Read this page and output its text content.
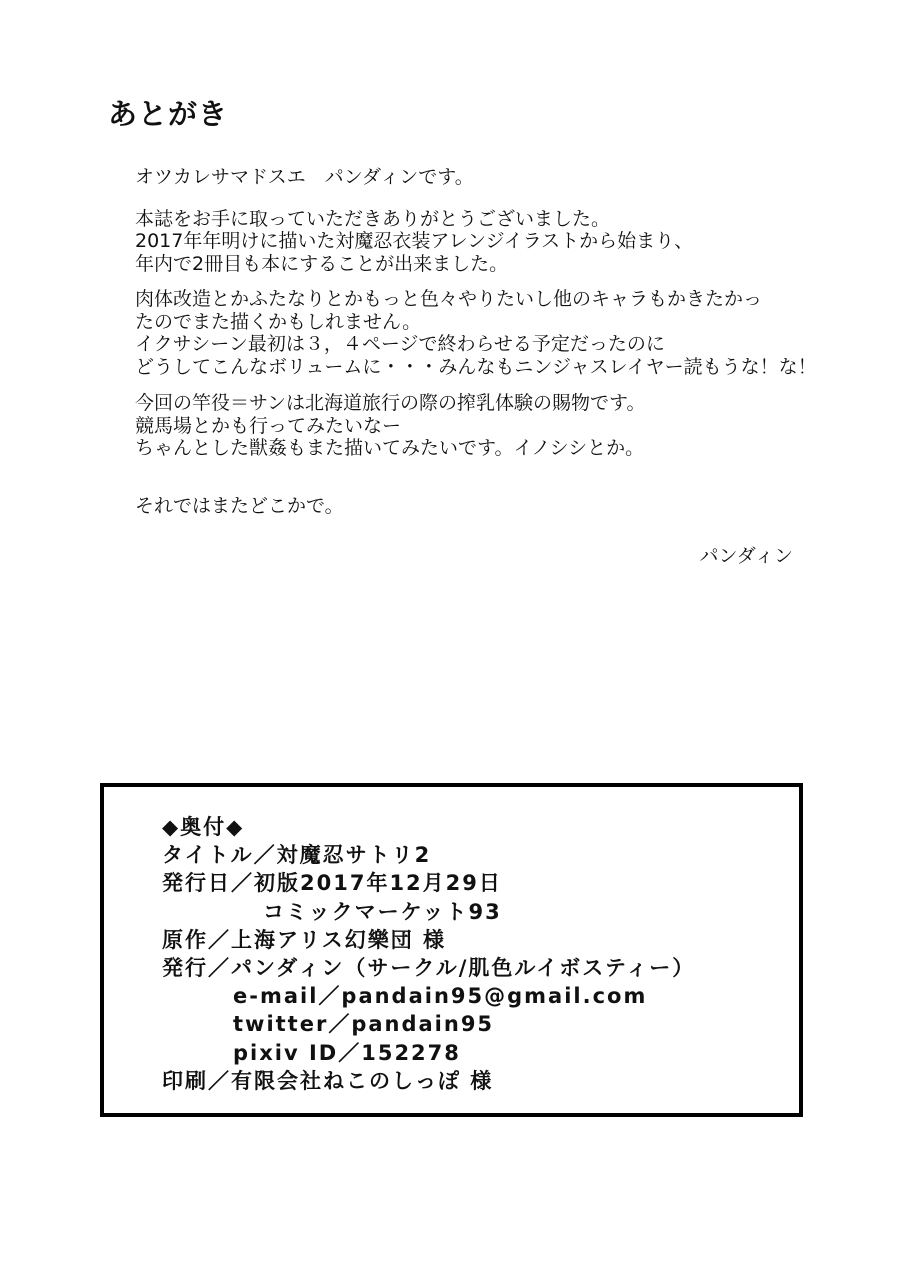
あとがき

オツカレサマドスエ　パンダィンです。

本誌をお手に取っていただきありがとうございました。
2017年年明けに描いた対魔忍衣装アレンジイラストから始まり、
年内で2冊目も本にすることが出来ました。

肉体改造とかふたなりとかもっと色々やりたいし他のキャラもかきたかっ
たのでまた描くかもしれません。
イクサシーン最初は３，４ページで終わらせる予定だったのに
どうしてこんなボリュームに・・・みんなもニンジャスレイヤー読もうな！な！

今回の竿役＝サンは北海道旅行の際の搾乳体験の賜物です。
競馬場とかも行ってみたいなー
ちゃんとした獣姦もまた描いてみたいです。イノシシとか。

それではまたどこかで。

パンダィン
◆奥付◆
タイトル／対魔忍サトリ2
発行日／初版2017年12月29日
コミックマーケット93
原作／上海アリス幻樂団 様
発行／パンダィン（サークル/肌色ルイボスティー）
e-mail／pandain95@gmail.com
twitter／pandain95
pixiv ID／152278
印刷／有限会社ねこのしっぽ 様
